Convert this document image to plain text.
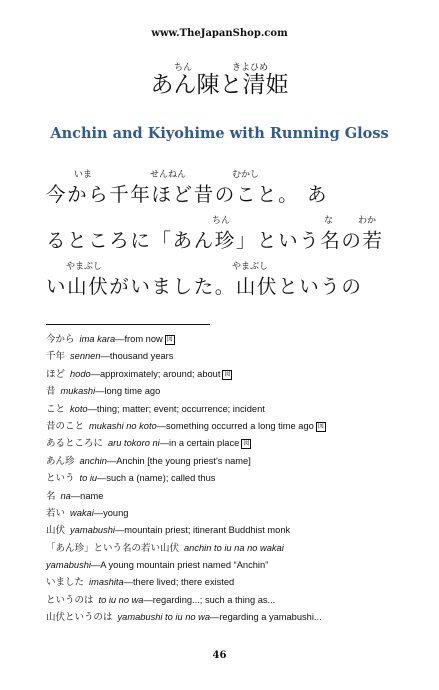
www.TheJapanShop.com
ちん	きよひめ
あん陳と清姫
Anchin and Kiyohime with Running Gloss
いま	せんねん	むかし
今から千年ほど昔のこと。 あ
ちん	な	わか
るところに「あん珍」という名の若
やまぶし	やまぶし
い山伏がいました。山伏というの
今から ima kara—from now 図
千年 sennen—thousand years
ほど hodo—approximately; around; about 図
昔 mukashi—long time ago
こと koto—thing; matter; event; occurrence; incident
昔のこと mukashi no koto—something occurred a long time ago 図
あるところに aru tokoro ni—in a certain place 図
あん珍 anchin—Anchin [the young priest's name]
という to iu—such a (name); called thus
名 na—name
若い wakai—young
山伏 yamabushi—mountain priest; itinerant Buddhist monk
「あん珍」という名の若い山伏 anchin to iu na no wakai
yamabushi—A young mountain priest named “Anchin”
いました imashita—there lived; there existed
というのは to iu no wa—regarding...; such a thing as...
山伏というのは yamabushi to iu no wa—regarding a yamabushi...
46
